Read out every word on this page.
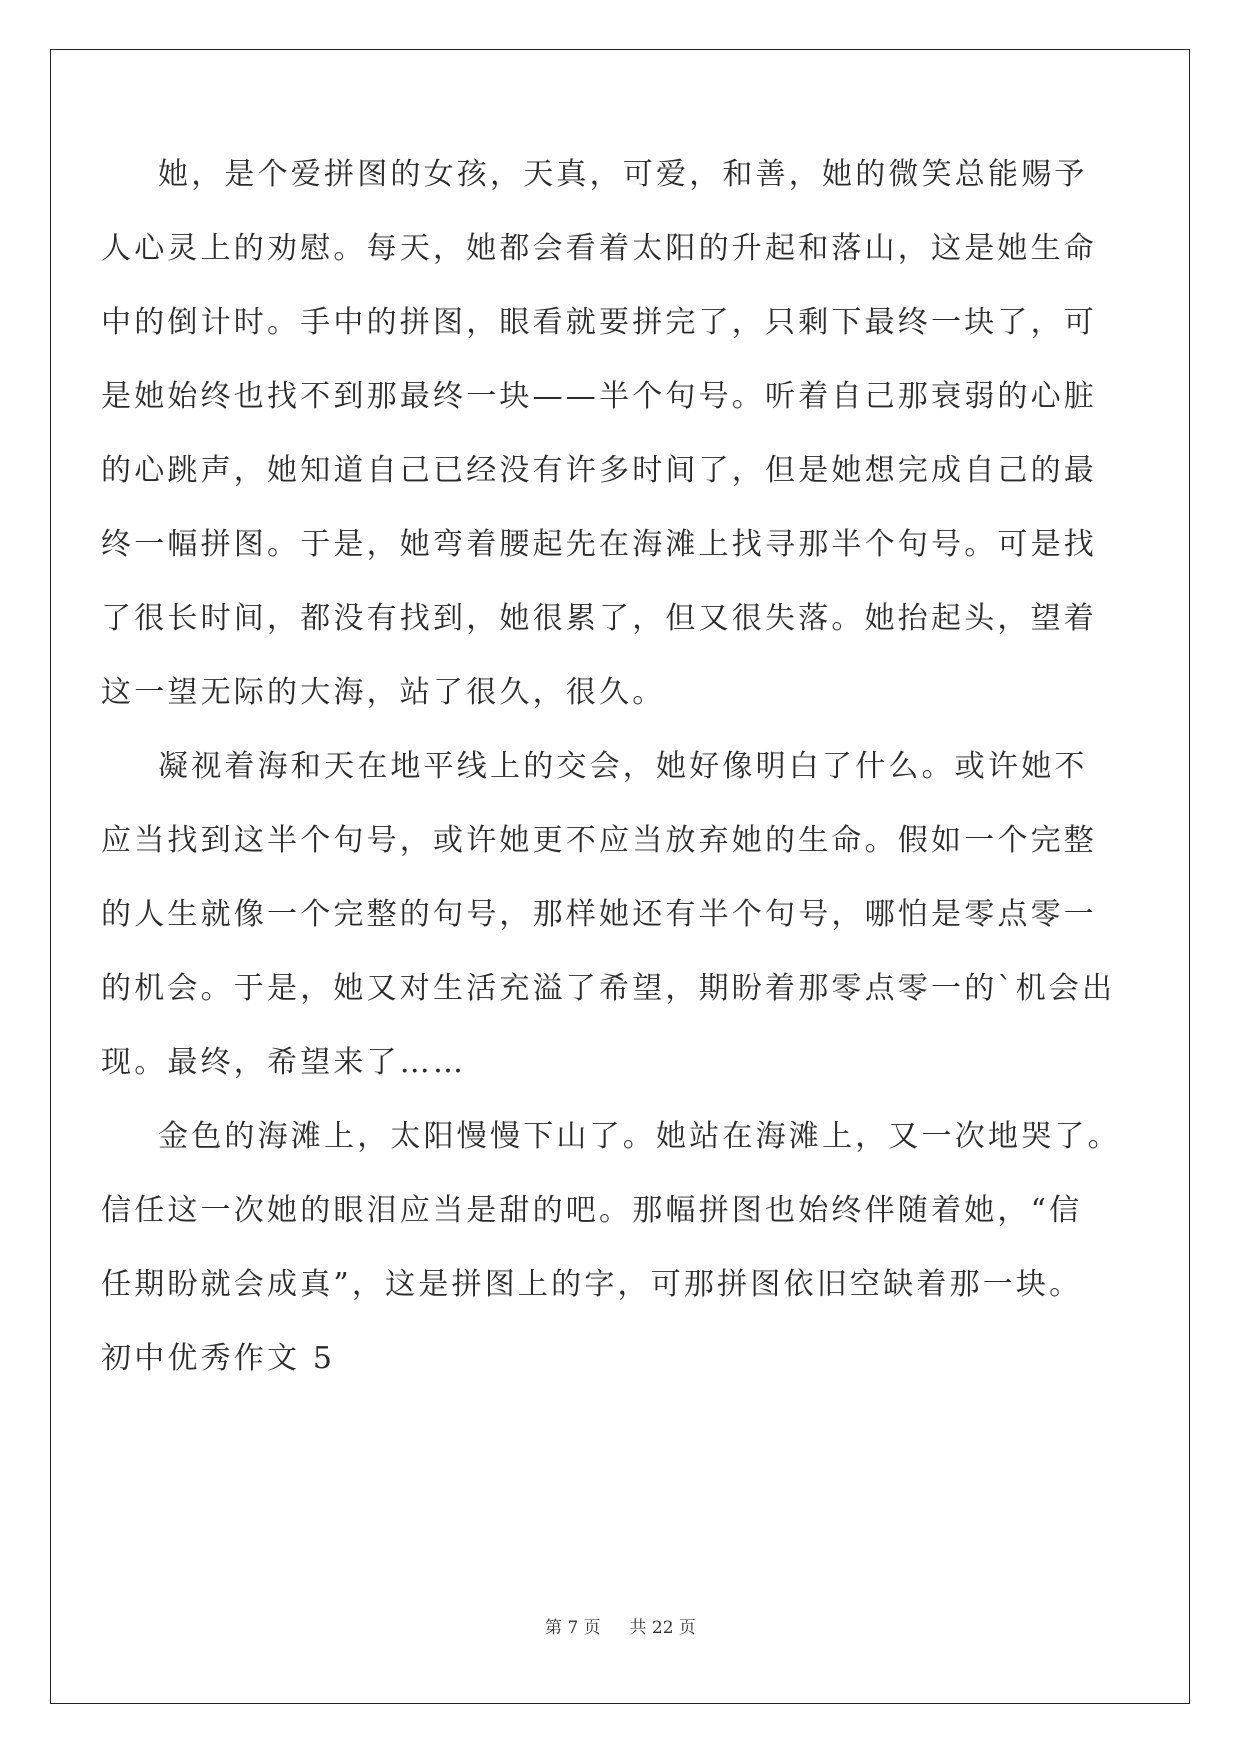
她，是个爱拼图的女孩，天真，可爱，和善，她的微笑总能赐予
人心灵上的劝慰。每天，她都会看着太阳的升起和落山，这是她生命
中的倒计时。手中的拼图，眼看就要拼完了，只剩下最终一块了，可
是她始终也找不到那最终一块——半个句号。听着自己那衰弱的心脏
的心跳声，她知道自己已经没有许多时间了，但是她想完成自己的最
终一幅拼图。于是，她弯着腰起先在海滩上找寻那半个句号。可是找
了很长时间，都没有找到，她很累了，但又很失落。她抬起头，望着
这一望无际的大海，站了很久，很久。
凝视着海和天在地平线上的交会，她好像明白了什么。或许她不
应当找到这半个句号，或许她更不应当放弃她的生命。假如一个完整
的人生就像一个完整的句号，那样她还有半个句号，哪怕是零点零一
的机会。于是，她又对生活充溢了希望，期盼着那零点零一的`机会出
现。最终，希望来了……
金色的海滩上，太阳慢慢下山了。她站在海滩上，又一次地哭了。
信任这一次她的眼泪应当是甜的吧。那幅拼图也始终伴随着她，“信
任期盼就会成真”，这是拼图上的字，可那拼图依旧空缺着那一块。
初中优秀作文 5
第 7 页 共 22 页
